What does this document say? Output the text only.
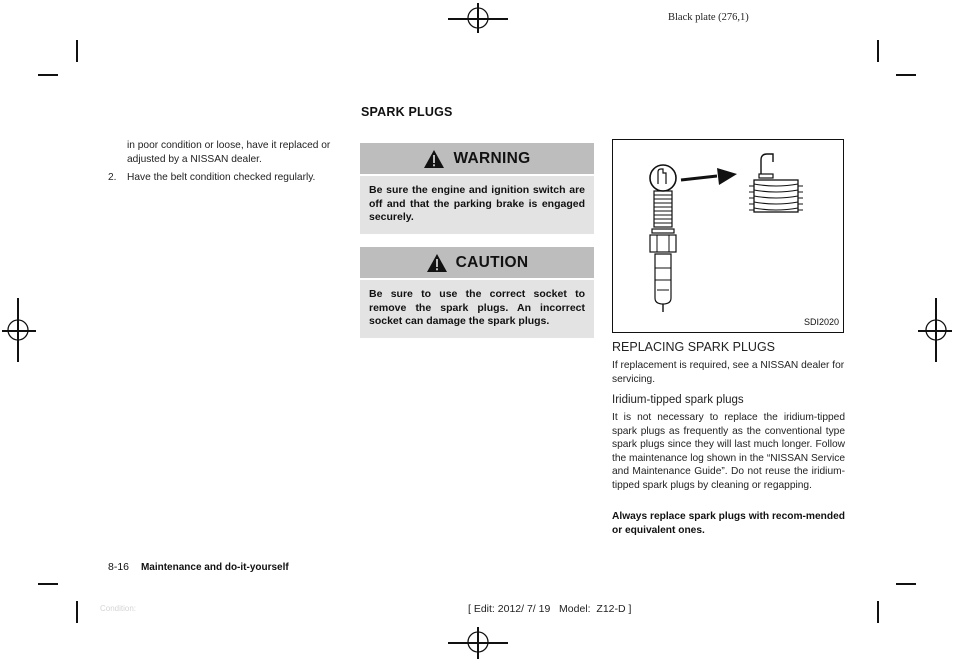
Black plate (276,1)
in poor condition or loose, have it replaced or adjusted by a NISSAN dealer.
2.	Have the belt condition checked regularly.
SPARK PLUGS
WARNING
Be sure the engine and ignition switch are off and that the parking brake is engaged securely.
CAUTION
Be sure to use the correct socket to remove the spark plugs. An incorrect socket can damage the spark plugs.	SDI2020
REPLACING SPARK PLUGS
If replacement is required, see a NISSAN dealer for servicing.
Iridium-tipped spark plugs
It is not necessary to replace the iridium-tipped spark plugs as frequently as the conventional type spark plugs since they will last much longer. Follow the maintenance log shown in the “NISSAN Service and Maintenance Guide”. Do not reuse the iridium-tipped spark plugs by cleaning or regapping.
Always replace spark plugs with recom-mended or equivalent ones.
8-16 Maintenance and do-it-yourself
Condition:	[ Edit: 2012/ 7/ 19   Model:  Z12-D ]
